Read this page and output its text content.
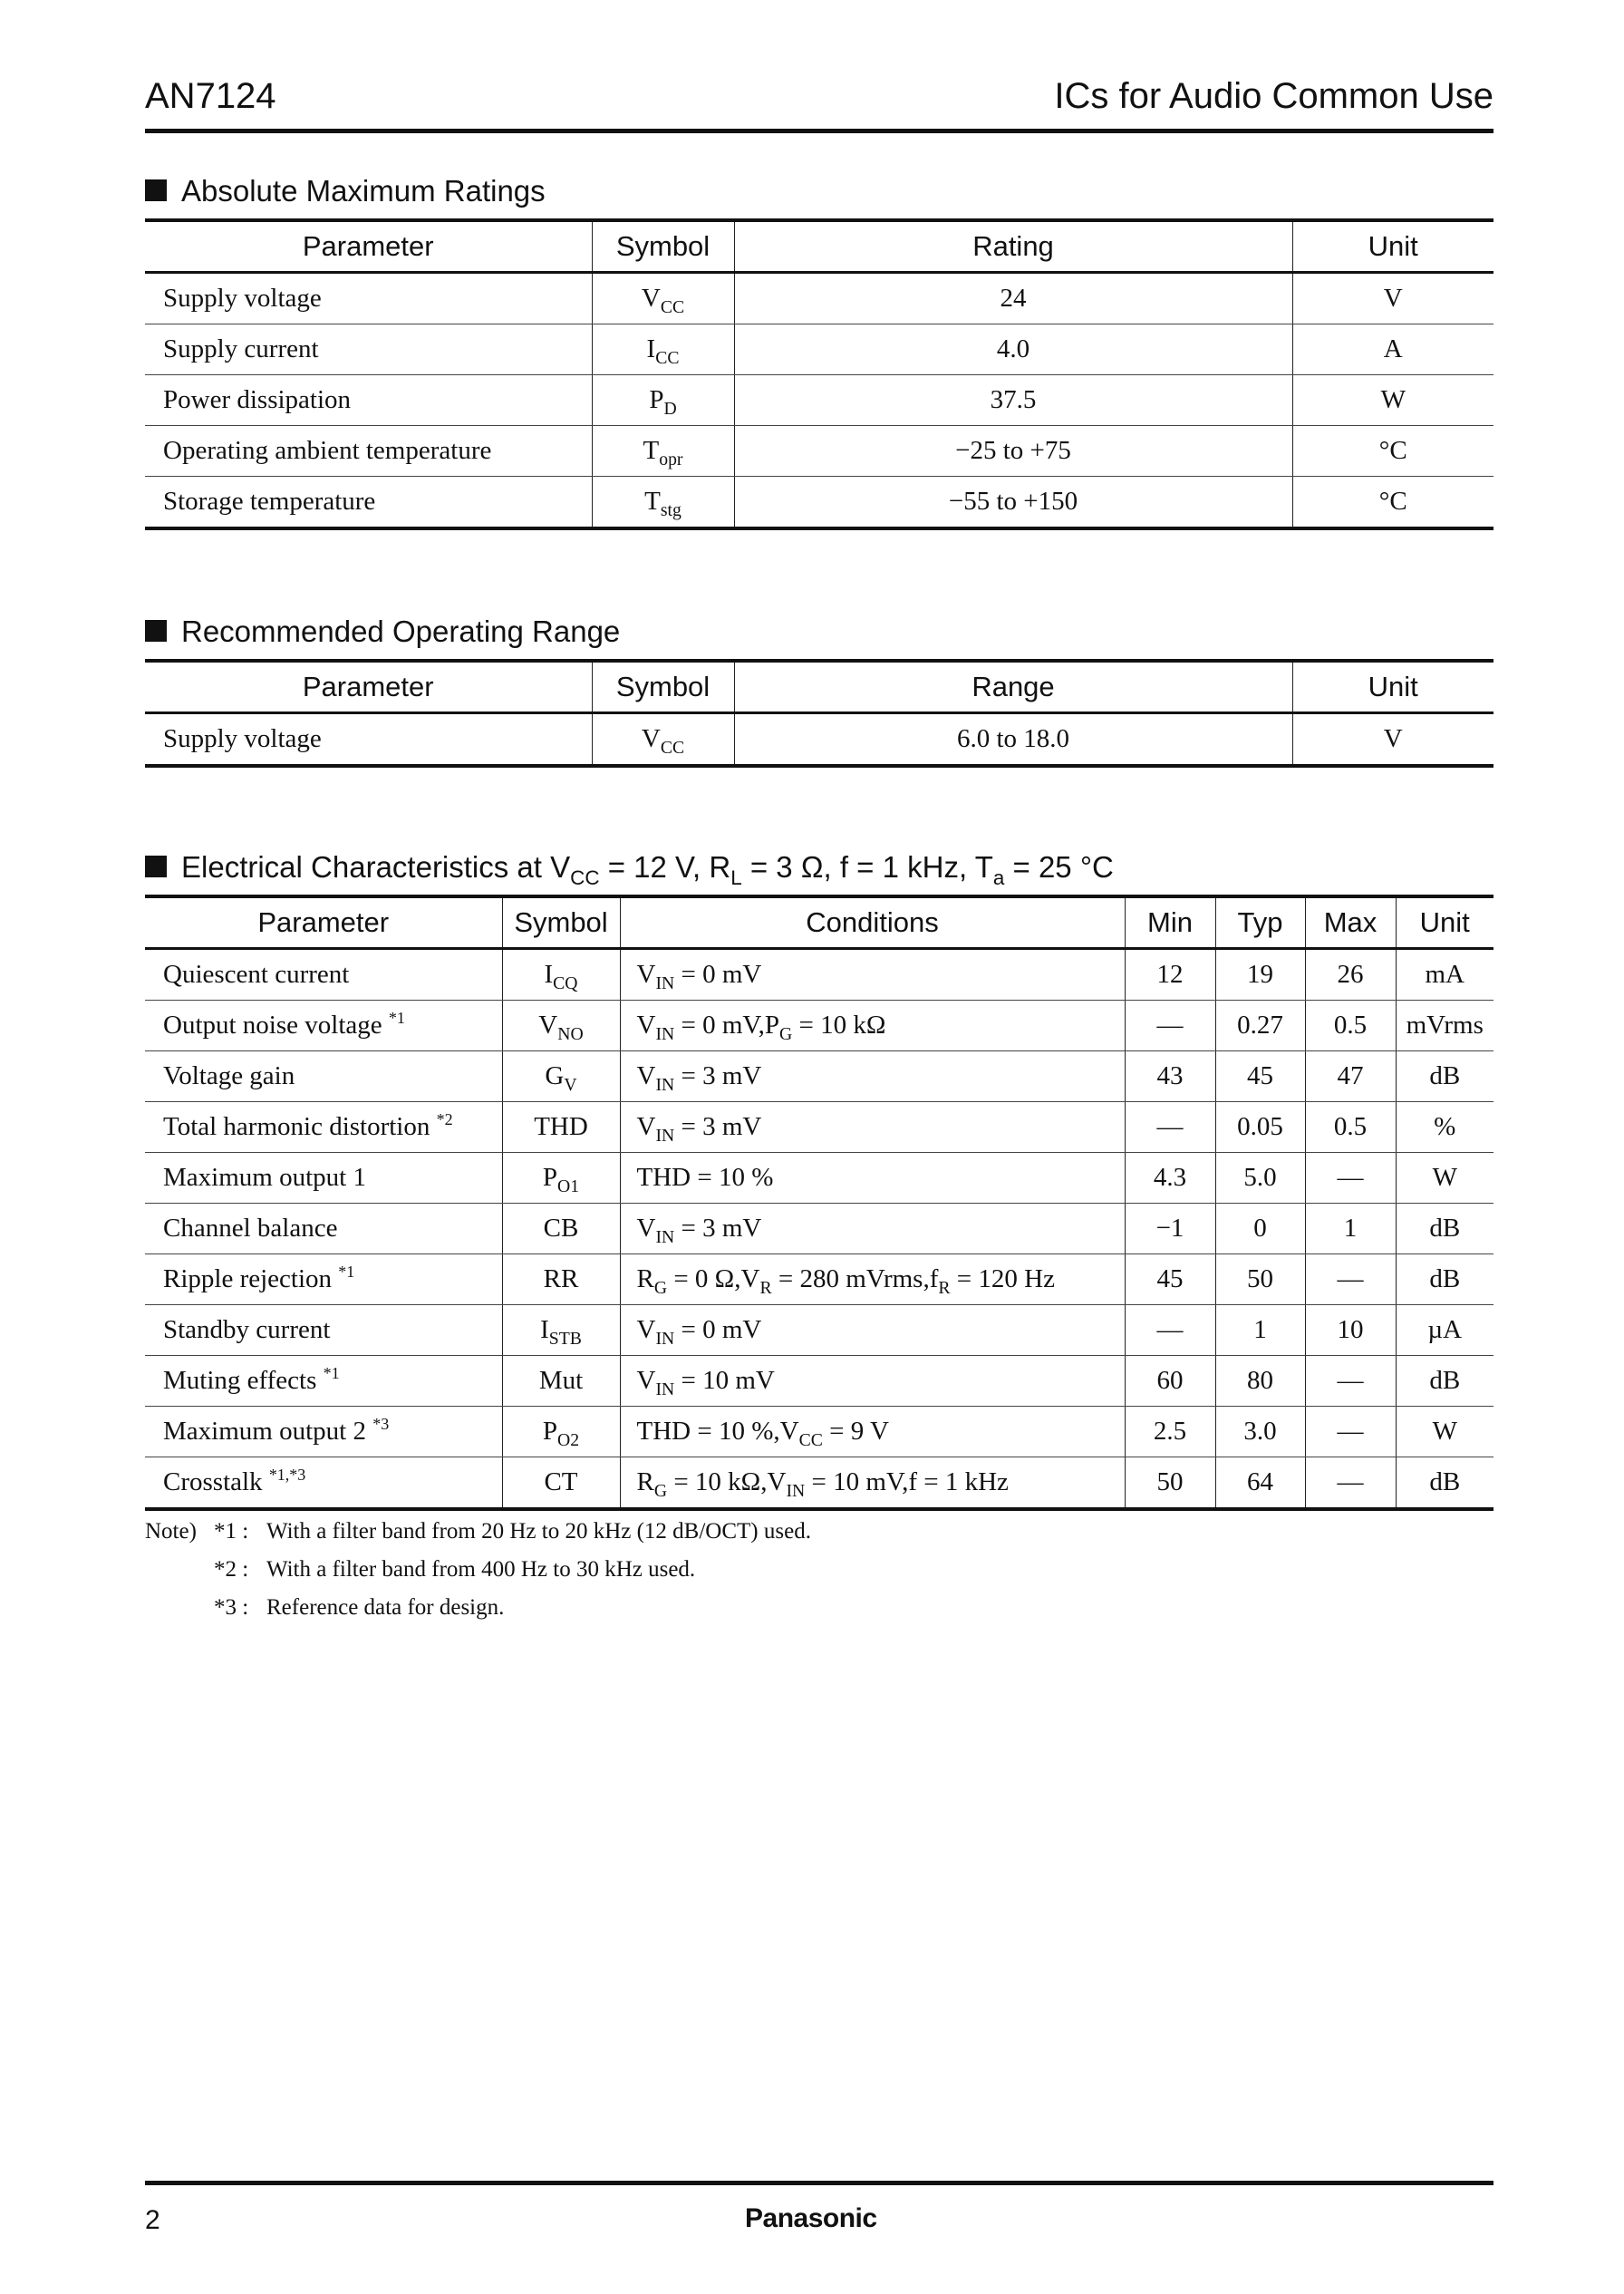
AN7124	ICs for Audio Common Use
Absolute Maximum Ratings
Parameter	Symbol	Rating	Unit
Supply voltage	$V_{CC}$	24	V
Supply current	$I_{CC}$	4.0	A
Power dissipation	$P_D$	37.5	W
Operating ambient temperature	$T_{opr}$	−25 to +75	°C
Storage temperature	$T_{stg}$	−55 to +150	°C
Recommended Operating Range
Parameter	Symbol	Range	Unit
Supply voltage	$V_{CC}$	6.0 to 18.0	V
Electrical Characteristics at $V_{CC} = 12$ V, $R_L = 3$ Ω, f = 1 kHz, $T_a = 25$ °C
Parameter	Symbol	Conditions	Min	Typ	Max	Unit
Quiescent current	$I_{CQ}$	$V_{IN} = 0$ mV	12	19	26	mA
Output noise voltage $^{*1}$	$V_{NO}$	$V_{IN} = 0$ $mV,P_G = 10$ kΩ	—	0.27	0.5	mVrms
Voltage gain	$G_V$	$V_{IN} = 3$ mV	43	45	47	dB
Total harmonic distortion $^{*2}$	THD	$V_{IN} = 3$ mV	—	0.05	0.5	%
Maximum output 1	$P_{O1}$	THD = 10 %	4.3	5.0	—	W
Channel balance	CB	$V_{IN} = 3$ mV	−1	0	1	dB
Ripple rejection $^{*1}$	RR	$R_G = 0$ $\Omega,V_R = 280$ $mVrms,f_R = 120$ Hz	45	50	—	dB
Standby current	$I_{STB}$	$V_{IN} = 0$ mV	—	1	10	µA
Muting effects $^{*1}$	Mut	$V_{IN} = 10$ mV	60	80	—	dB
Maximum output 2 $^{*3}$	$P_{O2}$	THD = 10 $\%,V_{CC} = 9$ V	2.5	3.0	—	W
Crosstalk $^{*1,*3}$	CT	$R_G = 10$ $k\Omega,V_{IN} = 10$ mV,f = 1 kHz	50	64	—	dB
Note) *1 : With a filter band from 20 Hz to 20 kHz (12 dB/OCT) used.
*2 : With a filter band from 400 Hz to 30 kHz used.
*3 : Reference data for design.
2	Panasonic
